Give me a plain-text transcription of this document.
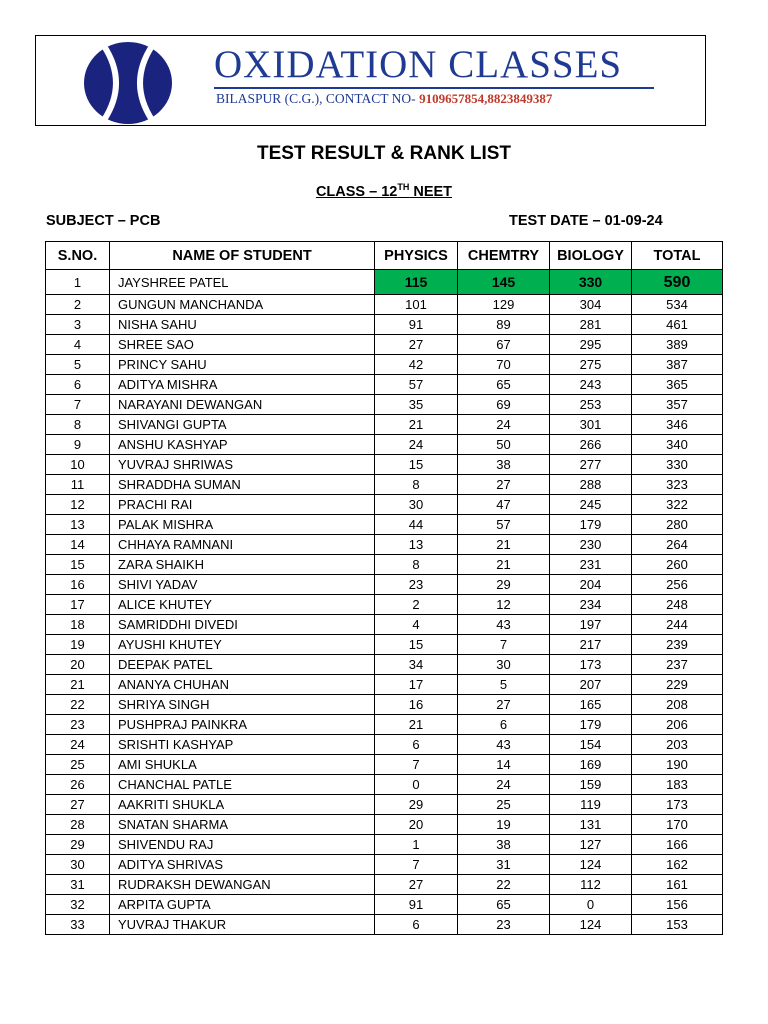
OXIDATION CLASSES
BILASPUR (C.G.), CONTACT NO- 9109657854,8823849387
TEST RESULT & RANK LIST
CLASS – 12TH NEET
SUBJECT – PCB	TEST DATE – 01-09-24
S.NO.	NAME OF STUDENT	PHYSICS	CHEMTRY	BIOLOGY	TOTAL
1	JAYSHREE PATEL	115	145	330	590
2	GUNGUN MANCHANDA	101	129	304	534
3	NISHA SAHU	91	89	281	461
4	SHREE SAO	27	67	295	389
5	PRINCY SAHU	42	70	275	387
6	ADITYA MISHRA	57	65	243	365
7	NARAYANI DEWANGAN	35	69	253	357
8	SHIVANGI GUPTA	21	24	301	346
9	ANSHU KASHYAP	24	50	266	340
10	YUVRAJ SHRIWAS	15	38	277	330
11	SHRADDHA SUMAN	8	27	288	323
12	PRACHI RAI	30	47	245	322
13	PALAK MISHRA	44	57	179	280
14	CHHAYA RAMNANI	13	21	230	264
15	ZARA SHAIKH	8	21	231	260
16	SHIVI YADAV	23	29	204	256
17	ALICE KHUTEY	2	12	234	248
18	SAMRIDDHI DIVEDI	4	43	197	244
19	AYUSHI KHUTEY	15	7	217	239
20	DEEPAK PATEL	34	30	173	237
21	ANANYA CHUHAN	17	5	207	229
22	SHRIYA SINGH	16	27	165	208
23	PUSHPRAJ PAINKRA	21	6	179	206
24	SRISHTI KASHYAP	6	43	154	203
25	AMI SHUKLA	7	14	169	190
26	CHANCHAL PATLE	0	24	159	183
27	AAKRITI SHUKLA	29	25	119	173
28	SNATAN SHARMA	20	19	131	170
29	SHIVENDU RAJ	1	38	127	166
30	ADITYA SHRIVAS	7	31	124	162
31	RUDRAKSH DEWANGAN	27	22	112	161
32	ARPITA GUPTA	91	65	0	156
33	YUVRAJ THAKUR	6	23	124	153
